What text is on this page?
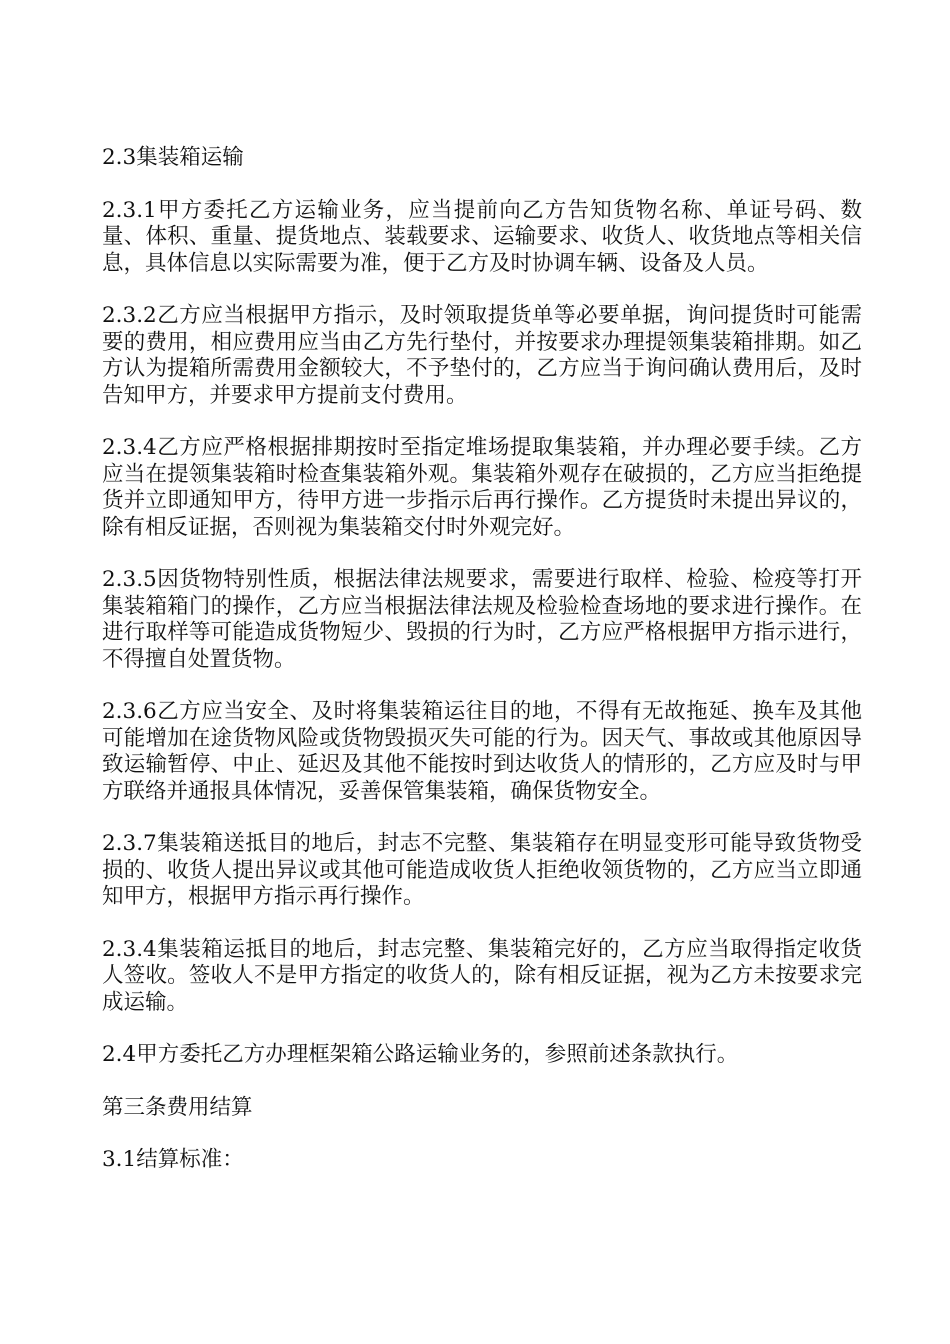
2.3集装箱运输

2.3.1甲方委托乙方运输业务，应当提前向乙方告知货物名称、单证号码、数量、体积、重量、提货地点、装载要求、运输要求、收货人、收货地点等相关信息，具体信息以实际需要为准，便于乙方及时协调车辆、设备及人员。

2.3.2乙方应当根据甲方指示，及时领取提货单等必要单据，询问提货时可能需要的费用，相应费用应当由乙方先行垫付，并按要求办理提领集装箱排期。如乙方认为提箱所需费用金额较大，不予垫付的，乙方应当于询问确认费用后，及时告知甲方，并要求甲方提前支付费用。

2.3.4乙方应严格根据排期按时至指定堆场提取集装箱，并办理必要手续。乙方应当在提领集装箱时检查集装箱外观。集装箱外观存在破损的，乙方应当拒绝提货并立即通知甲方，待甲方进一步指示后再行操作。乙方提货时未提出异议的，除有相反证据，否则视为集装箱交付时外观完好。

2.3.5因货物特别性质，根据法律法规要求，需要进行取样、检验、检疫等打开集装箱箱门的操作，乙方应当根据法律法规及检验检查场地的要求进行操作。在进行取样等可能造成货物短少、毁损的行为时，乙方应严格根据甲方指示进行，不得擅自处置货物。

2.3.6乙方应当安全、及时将集装箱运往目的地，不得有无故拖延、换车及其他可能增加在途货物风险或货物毁损灭失可能的行为。因天气、事故或其他原因导致运输暂停、中止、延迟及其他不能按时到达收货人的情形的，乙方应及时与甲方联络并通报具体情况，妥善保管集装箱，确保货物安全。

2.3.7集装箱送抵目的地后，封志不完整、集装箱存在明显变形可能导致货物受损的、收货人提出异议或其他可能造成收货人拒绝收领货物的，乙方应当立即通知甲方，根据甲方指示再行操作。

2.3.4集装箱运抵目的地后，封志完整、集装箱完好的，乙方应当取得指定收货人签收。签收人不是甲方指定的收货人的，除有相反证据，视为乙方未按要求完成运输。

2.4甲方委托乙方办理框架箱公路运输业务的，参照前述条款执行。

第三条费用结算

3.1结算标准：
